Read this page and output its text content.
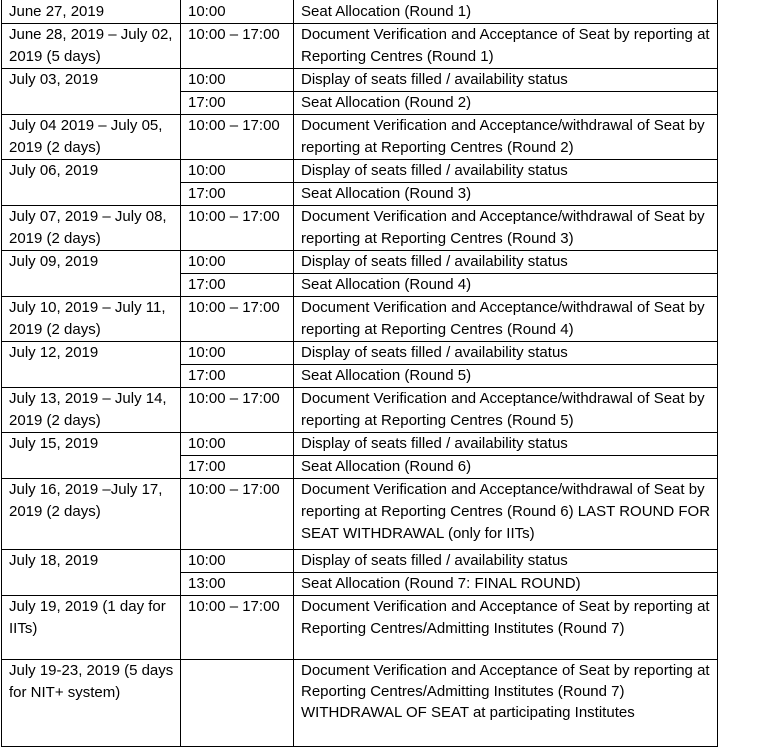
June 27, 2019	10:00	Seat Allocation (Round 1)
June 28, 2019 – July 02, 2019 (5 days)	10:00 – 17:00	Document Verification and Acceptance of Seat by reporting at Reporting Centres (Round 1)
July 03, 2019	10:00	Display of seats filled / availability status
	17:00	Seat Allocation (Round 2)
July 04 2019 – July 05, 2019 (2 days)	10:00 – 17:00	Document Verification and Acceptance/withdrawal of Seat by reporting at Reporting Centres (Round 2)
July 06, 2019	10:00	Display of seats filled / availability status
	17:00	Seat Allocation (Round 3)
July 07, 2019 – July 08, 2019 (2 days)	10:00 – 17:00	Document Verification and Acceptance/withdrawal of Seat by reporting at Reporting Centres (Round 3)
July 09, 2019	10:00	Display of seats filled / availability status
	17:00	Seat Allocation (Round 4)
July 10, 2019 – July 11, 2019 (2 days)	10:00 – 17:00	Document Verification and Acceptance/withdrawal of Seat by reporting at Reporting Centres (Round 4)
July 12, 2019	10:00	Display of seats filled / availability status
	17:00	Seat Allocation (Round 5)
July 13, 2019 – July 14, 2019 (2 days)	10:00 – 17:00	Document Verification and Acceptance/withdrawal of Seat by reporting at Reporting Centres (Round 5)
July 15, 2019	10:00	Display of seats filled / availability status
	17:00	Seat Allocation (Round 6)
July 16, 2019 –July 17, 2019 (2 days)	10:00 – 17:00	Document Verification and Acceptance/withdrawal of Seat by reporting at Reporting Centres (Round 6) LAST ROUND FOR SEAT WITHDRAWAL (only for IITs)
July 18, 2019	10:00	Display of seats filled / availability status
	13:00	Seat Allocation (Round 7: FINAL ROUND)
July 19, 2019 (1 day for IITs)	10:00 – 17:00	Document Verification and Acceptance of Seat by reporting at Reporting Centres/Admitting Institutes (Round 7)
July 19-23, 2019 (5 days for NIT+ system)		Document Verification and Acceptance of Seat by reporting at Reporting Centres/Admitting Institutes (Round 7) WITHDRAWAL OF SEAT at participating Institutes
